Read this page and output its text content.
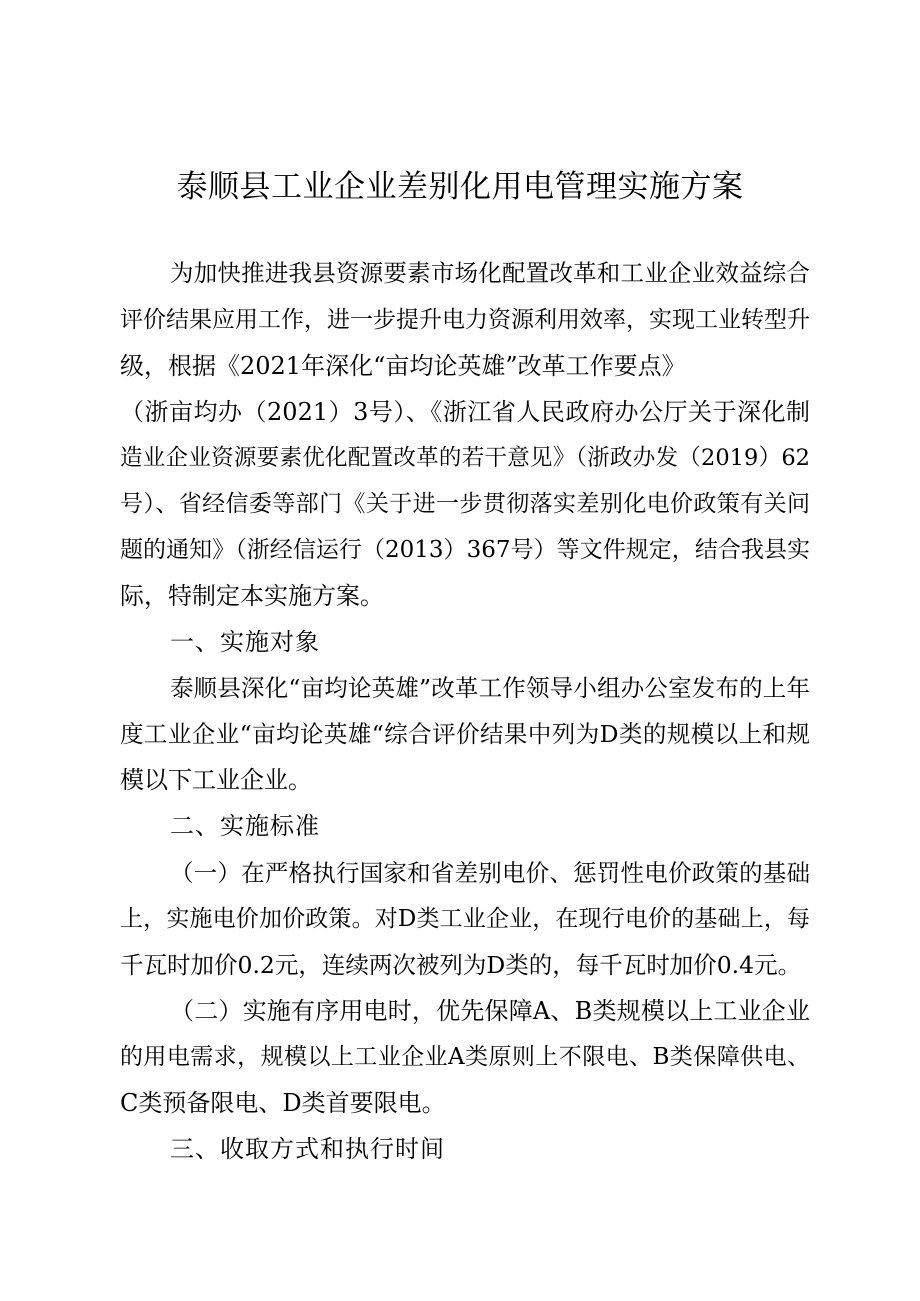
泰顺县工业企业差别化用电管理实施方案
为加快推进我县资源要素市场化配置改革和工业企业效益综合
评价结果应用工作，进一步提升电力资源利用效率，实现工业转型升
级，根据《2021年深化“亩均论英雄”改革工作要点》
（浙亩均办（2021）3号）、《浙江省人民政府办公厅关于深化制
造业企业资源要素优化配置改革的若干意见》（浙政办发（2019）62
号）、省经信委等部门《关于进一步贯彻落实差别化电价政策有关问
题的通知》（浙经信运行（2013）367号）等文件规定，结合我县实
际，特制定本实施方案。
一、实施对象
泰顺县深化“亩均论英雄”改革工作领导小组办公室发布的上年
度工业企业“亩均论英雄“综合评价结果中列为D类的规模以上和规
模以下工业企业。
二、实施标准
（一）在严格执行国家和省差别电价、惩罚性电价政策的基础
上，实施电价加价政策。对D类工业企业，在现行电价的基础上，每
千瓦时加价0.2元，连续两次被列为D类的，每千瓦时加价0.4元。
（二）实施有序用电时，优先保障A、B类规模以上工业企业
的用电需求，规模以上工业企业A类原则上不限电、B类保障供电、
C类预备限电、D类首要限电。
三、收取方式和执行时间
